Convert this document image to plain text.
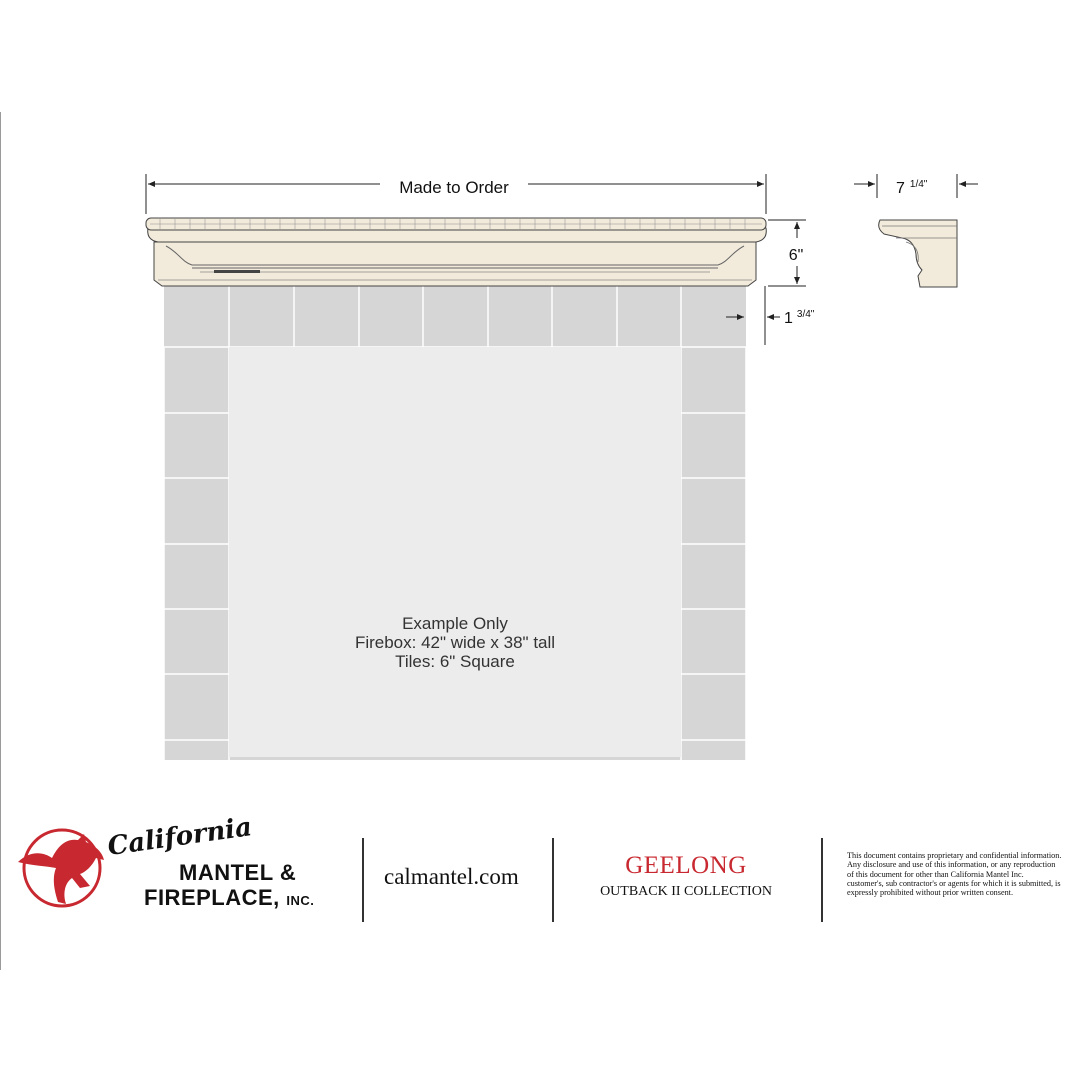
Made to Order
6"
1 $^{3/4"}$
7 $^{1/4"}$
Example Only
Firebox: 42" wide x 38" tall
Tiles: 6" Square
California
MANTEL &
FIREPLACE, INC.
calmantel.com	GEELONG
OUTBACK II COLLECTION
This document contains proprietary and confidential information. Any disclosure and use of this information, or any reproduction of this document for other than California Mantel Inc. customer's, sub contractor's or agents for which it is submitted, is expressly prohibited without prior written consent.
